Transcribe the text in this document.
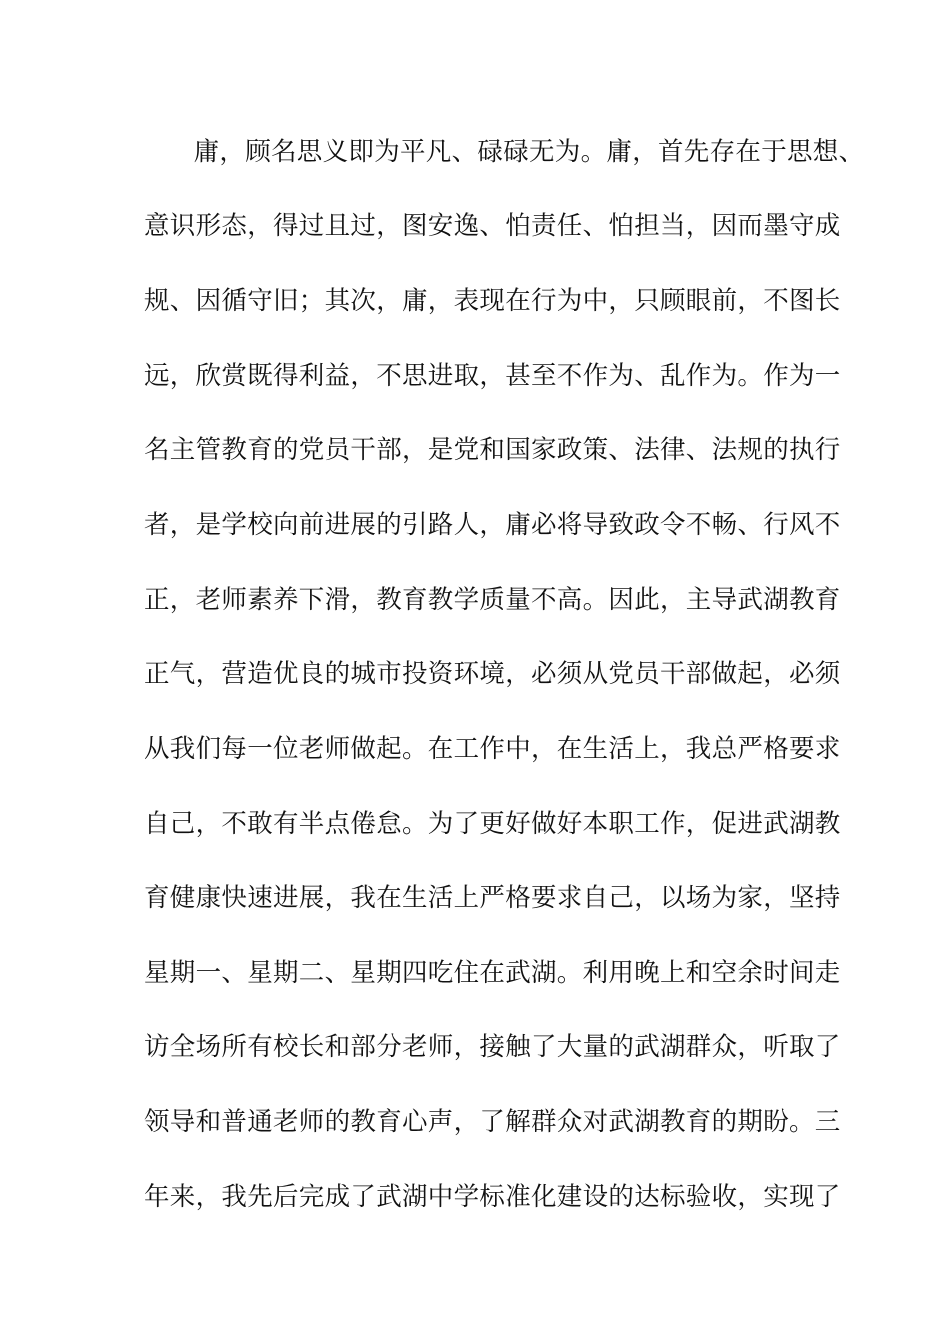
　　庸，顾名思义即为平凡、碌碌无为。庸，首先存在于思想、
意识形态，得过且过，图安逸、怕责任、怕担当，因而墨守成
规、因循守旧；其次，庸，表现在行为中，只顾眼前，不图长
远，欣赏既得利益，不思进取，甚至不作为、乱作为。作为一
名主管教育的党员干部，是党和国家政策、法律、法规的执行
者，是学校向前进展的引路人，庸必将导致政令不畅、行风不
正，老师素养下滑，教育教学质量不高。因此，主导武湖教育
正气，营造优良的城市投资环境，必须从党员干部做起，必须
从我们每一位老师做起。在工作中，在生活上，我总严格要求
自己，不敢有半点倦怠。为了更好做好本职工作，促进武湖教
育健康快速进展，我在生活上严格要求自己，以场为家，坚持
星期一、星期二、星期四吃住在武湖。利用晚上和空余时间走
访全场所有校长和部分老师，接触了大量的武湖群众，听取了
领导和普通老师的教育心声，了解群众对武湖教育的期盼。三
年来，我先后完成了武湖中学标准化建设的达标验收，实现了
